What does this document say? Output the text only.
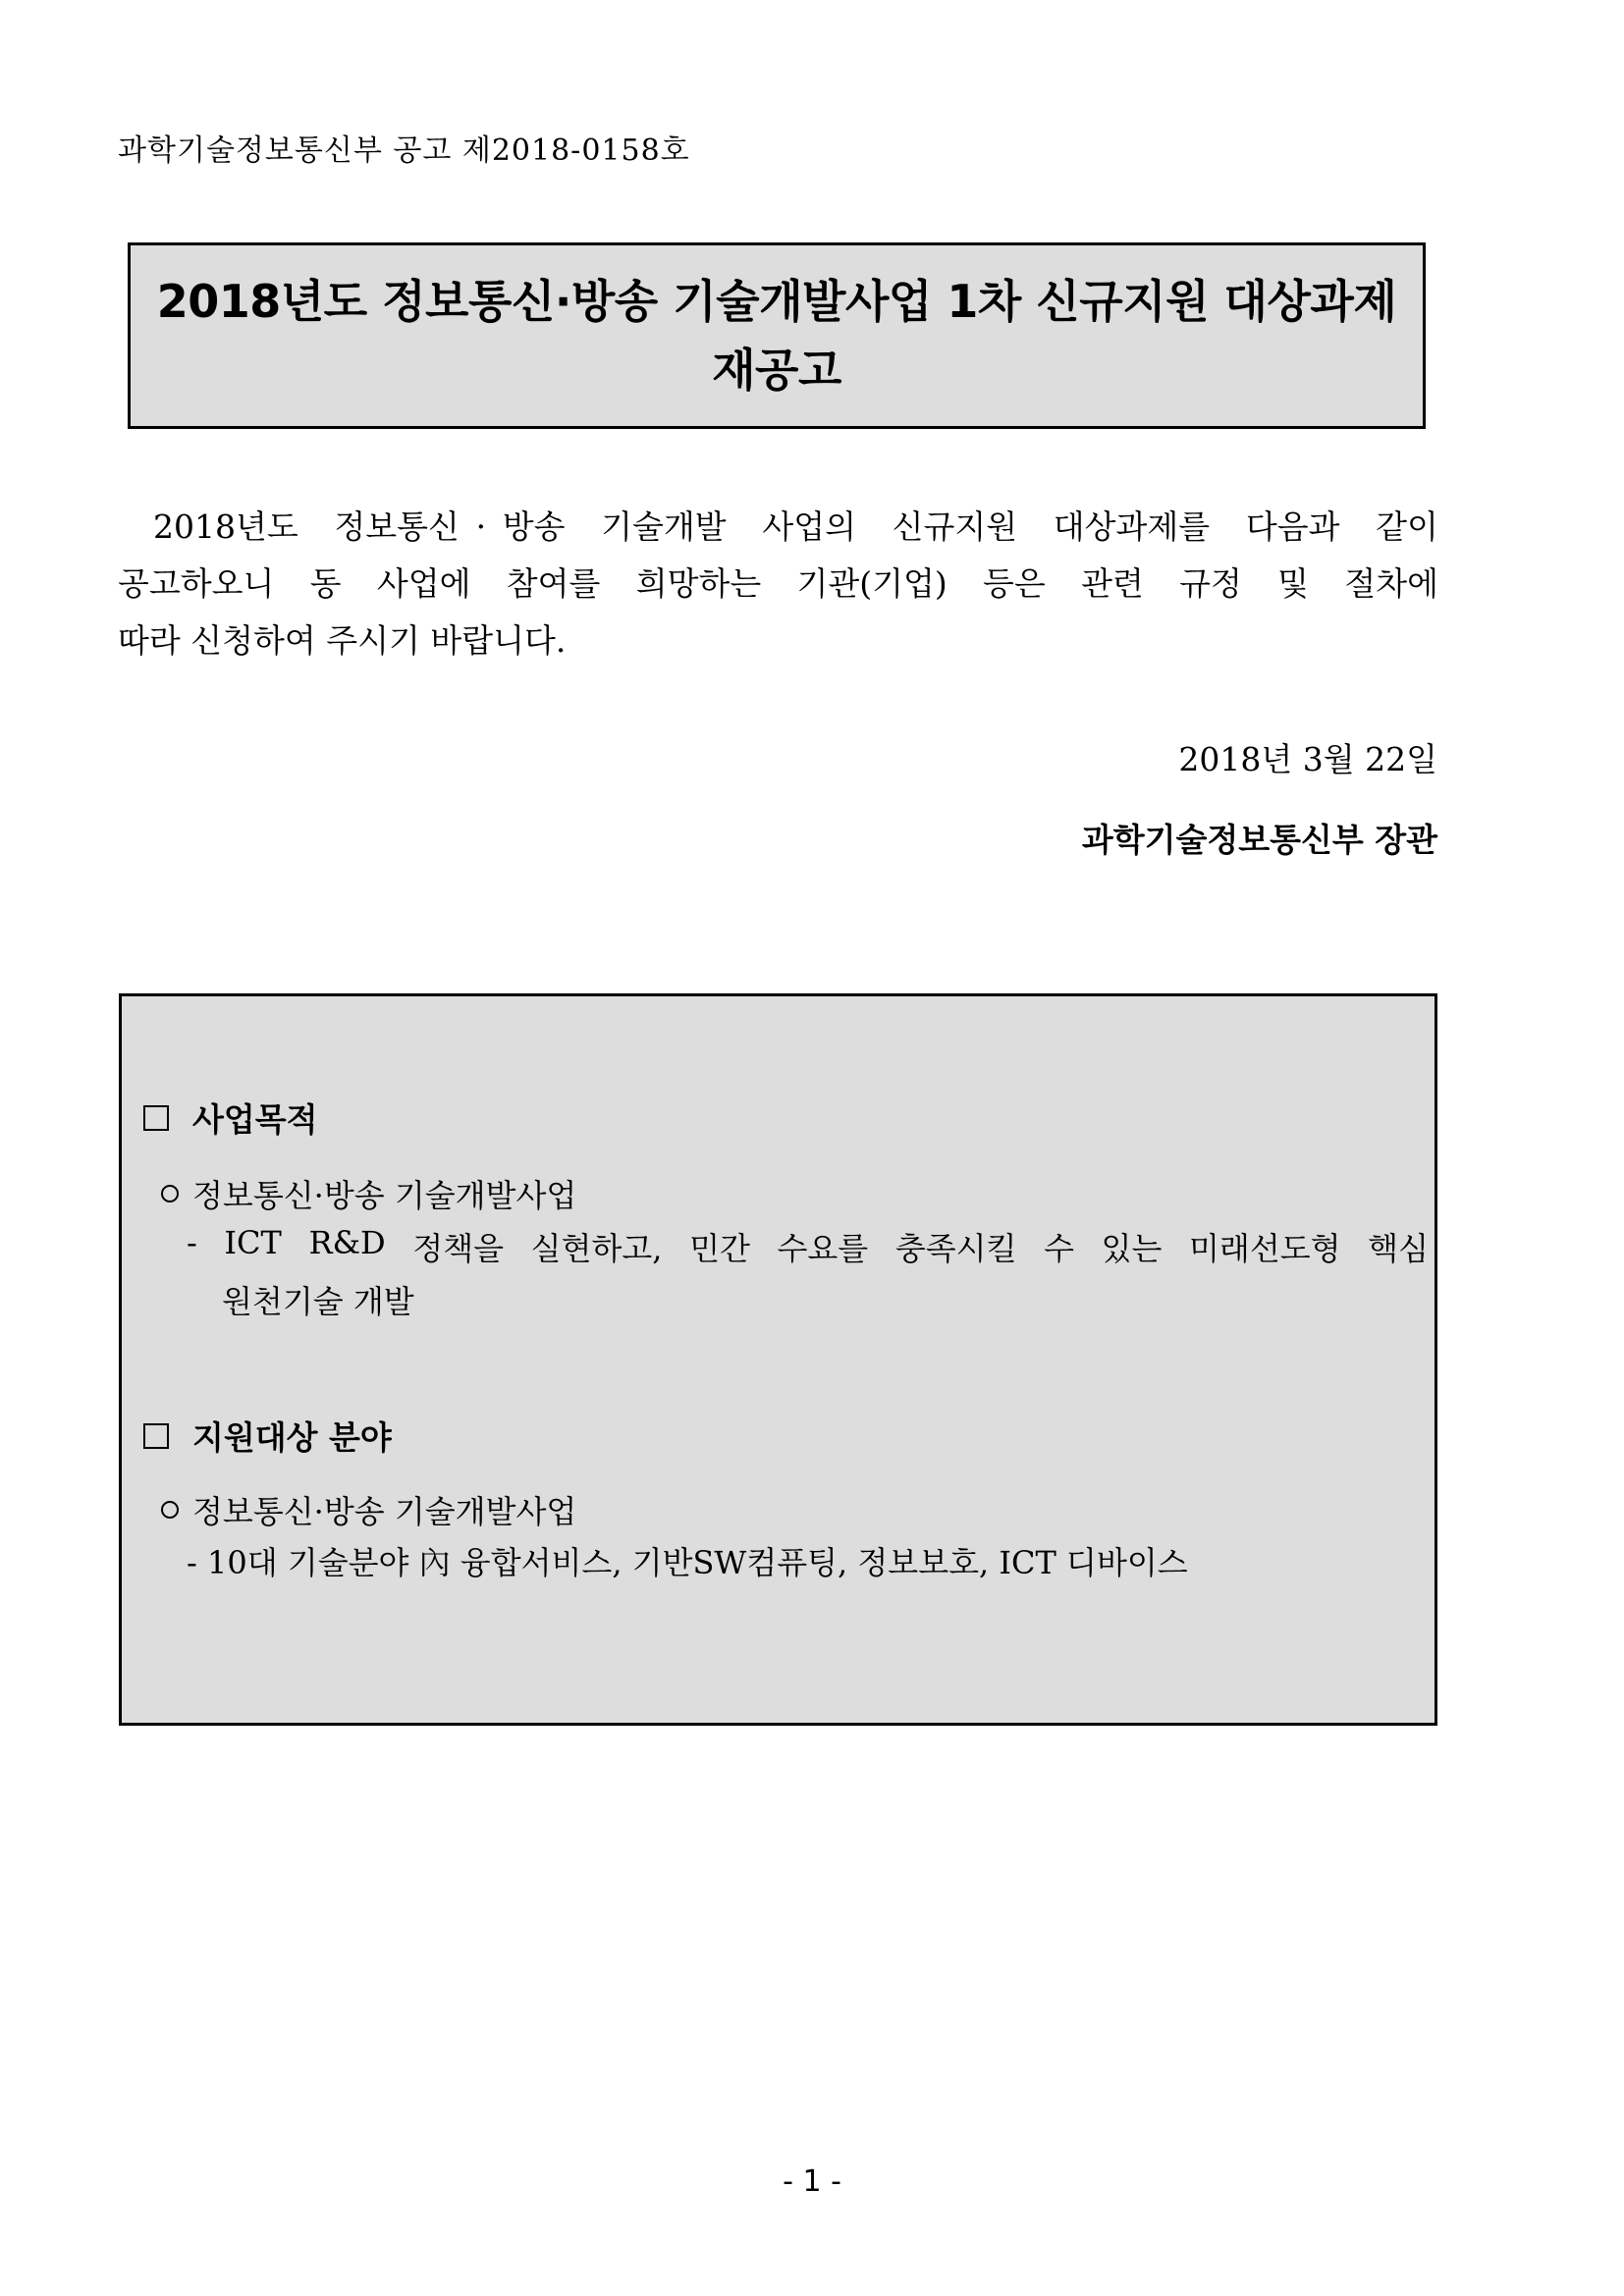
과학기술정보통신부 공고 제2018-0158호
2018년도 정보통신·방송 기술개발사업 1차 신규지원 대상과제
재공고
2018년도 정보통신 · 방송 기술개발 사업의 신규지원 대상과제를 다음과 같이
공고하오니 동 사업에 참여를 희망하는 기관(기업) 등은 관련 규정 및 절차에
따라 신청하여 주시기 바랍니다.
2018년 3월 22일
과학기술정보통신부 장관
사업목적
정보통신·방송 기술개발사업
- ICT R&D 정책을 실현하고, 민간 수요를 충족시킬 수 있는 미래선도형 핵심
원천기술 개발
지원대상 분야
정보통신·방송 기술개발사업
- 10대 기술분야 內 융합서비스, 기반SW컴퓨팅, 정보보호, ICT 디바이스
- 1 -
